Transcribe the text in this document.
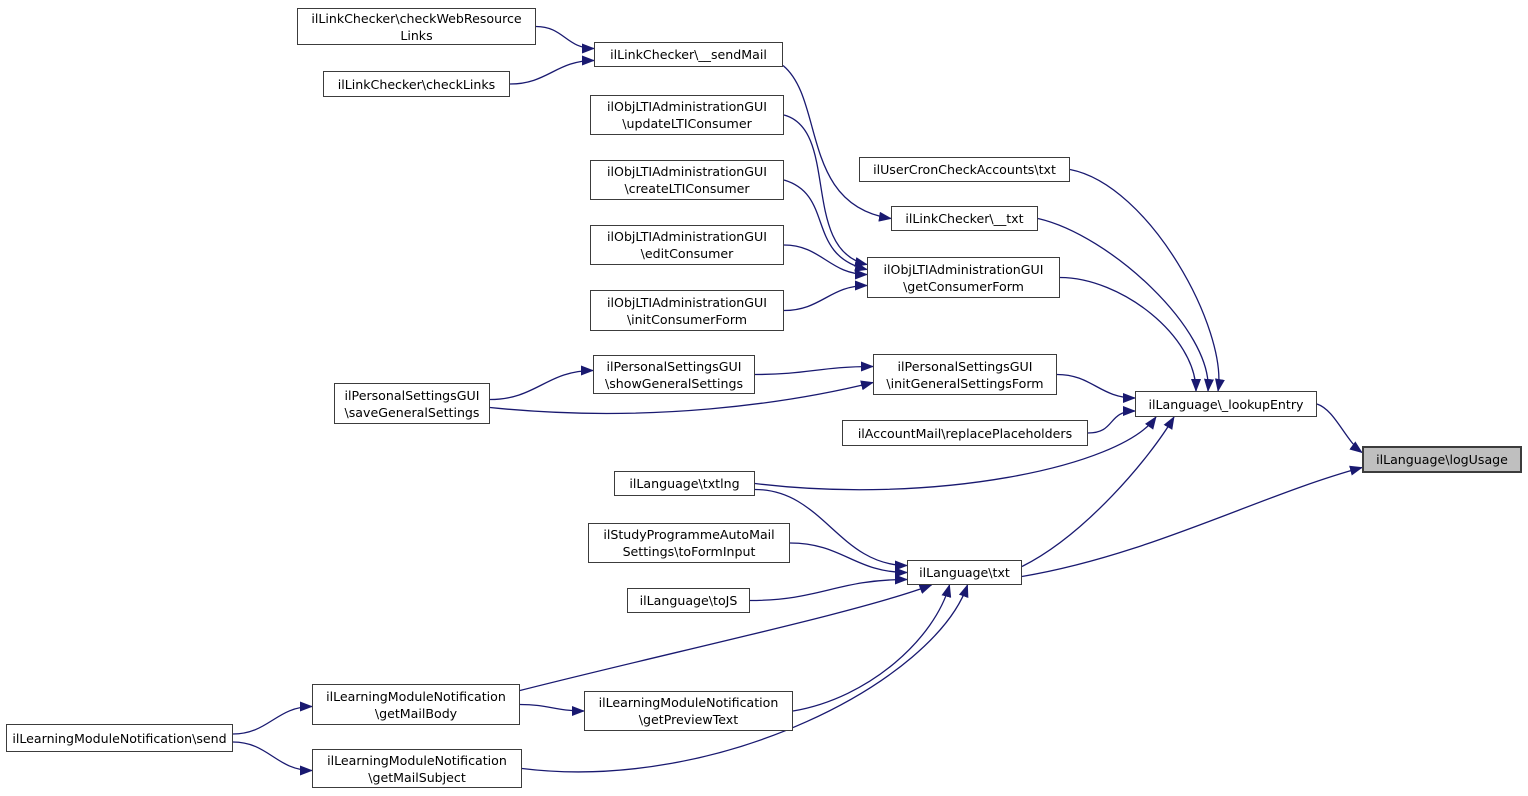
ilLinkChecker\checkWebResource
Links
ilLinkChecker\checkLinks
ilLinkChecker\__sendMail
ilObjLTIAdministrationGUI
\updateLTIConsumer
ilObjLTIAdministrationGUI
\createLTIConsumer
ilUserCronCheckAccounts\txt
ilLinkChecker\__txt
ilObjLTIAdministrationGUI
\editConsumer
ilObjLTIAdministrationGUI
\getConsumerForm
ilObjLTIAdministrationGUI
\initConsumerForm
ilPersonalSettingsGUI
\showGeneralSettings
ilPersonalSettingsGUI
\saveGeneralSettings
ilPersonalSettingsGUI
\initGeneralSettingsForm
ilAccountMail\replacePlaceholders
ilLanguage\_lookupEntry
ilLanguage\logUsage
ilLanguage\txtlng
ilStudyProgrammeAutoMail
Settings\toFormInput
ilLanguage\toJS
ilLanguage\txt
ilLearningModuleNotification\send
ilLearningModuleNotification
\getMailBody
ilLearningModuleNotification
\getMailSubject
ilLearningModuleNotification
\getPreviewText
